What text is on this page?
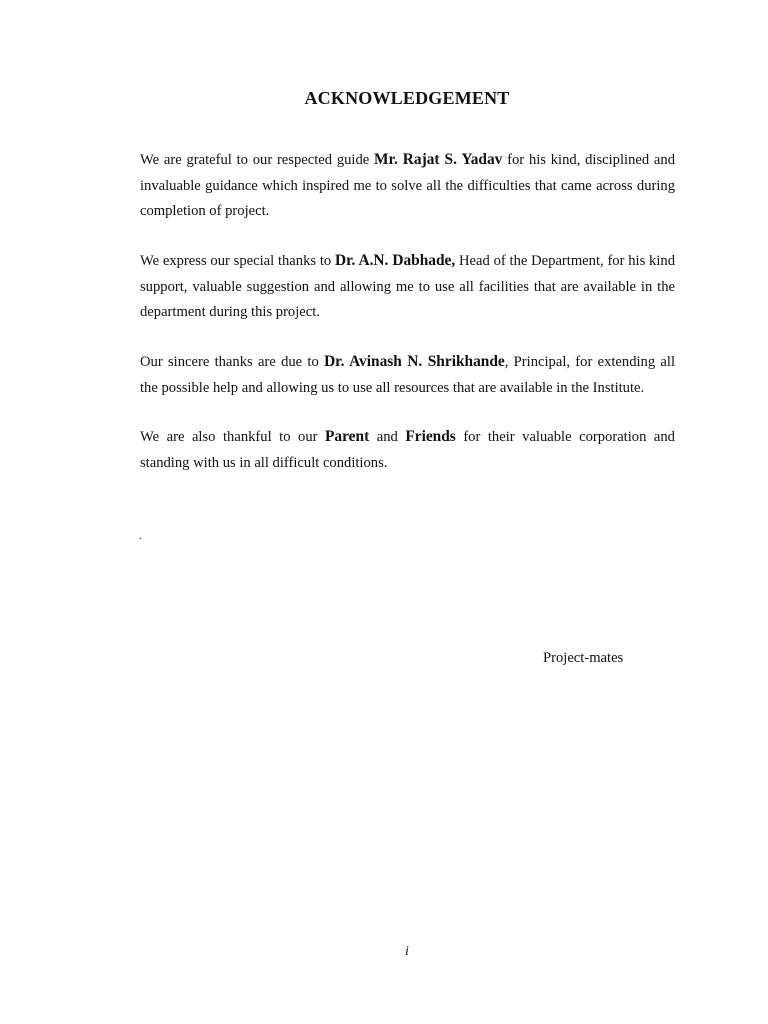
ACKNOWLEDGEMENT

We are grateful to our respected guide Mr. Rajat S. Yadav for his kind, disciplined and invaluable guidance which inspired me to solve all the difficulties that came across during completion of project.

We express our special thanks to Dr. A.N. Dabhade, Head of the Department, for his kind support, valuable suggestion and allowing me to use all facilities that are available in the department during this project.

Our sincere thanks are due to Dr. Avinash N. Shrikhande, Principal, for extending all the possible help and allowing us to use all resources that are available in the Institute.

We are also thankful to our Parent and Friends for their valuable corporation and standing with us in all difficult conditions.

.
Project-mates
i
